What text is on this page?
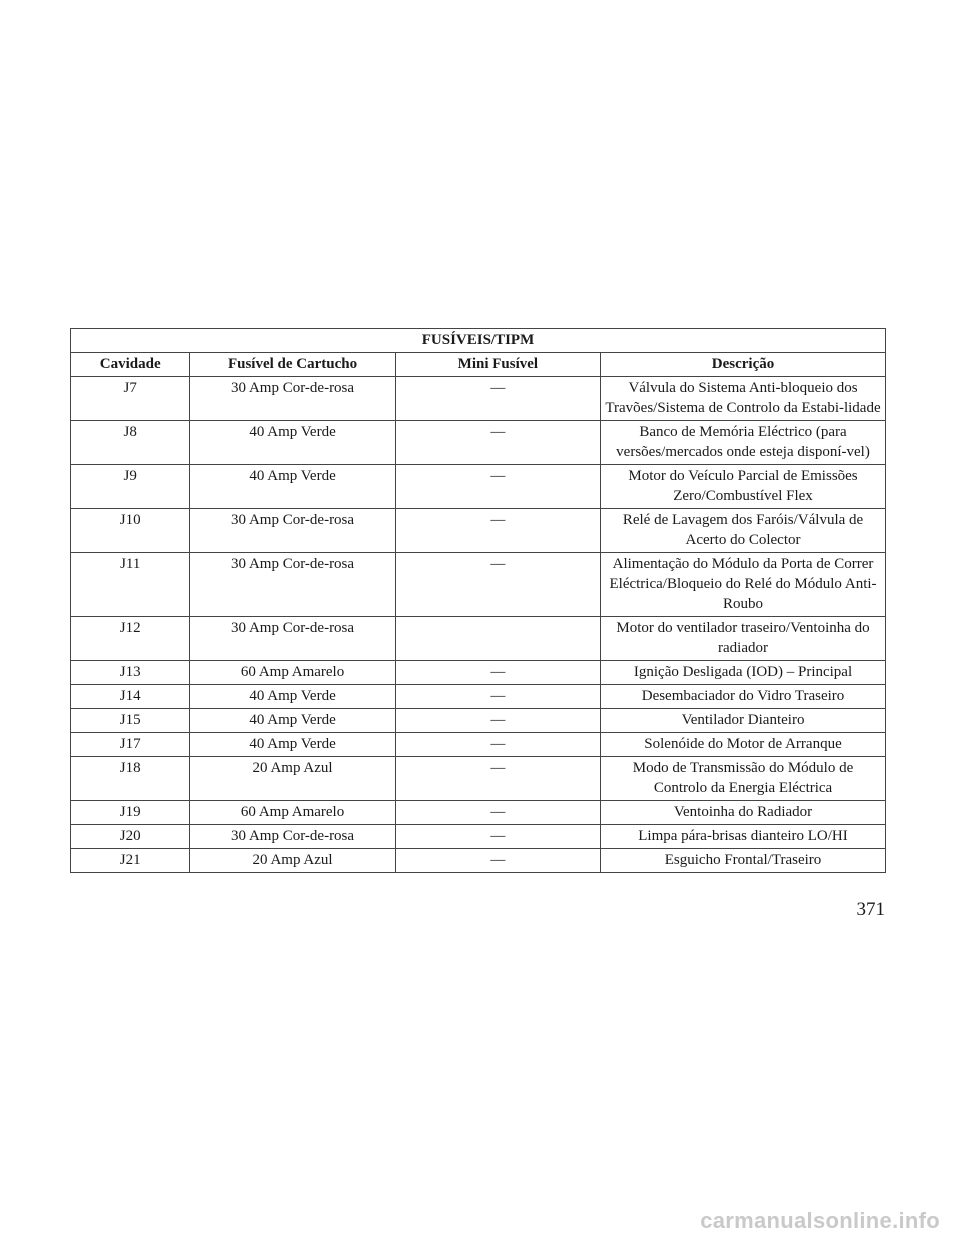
FUSÍVEIS/TIPM			
Cavidade	Fusível de Cartucho	Mini Fusível	Descrição
J7	30 Amp Cor-de-rosa	—	Válvula do Sistema Anti-bloqueio dos Travões/Sistema de Controlo da Estabi-lidade
J8	40 Amp Verde	—	Banco de Memória Eléctrico (para versões/mercados onde esteja disponí-vel)
J9	40 Amp Verde	—	Motor do Veículo Parcial de Emissões Zero/Combustível Flex
J10	30 Amp Cor-de-rosa	—	Relé de Lavagem dos Faróis/Válvula de Acerto do Colector
J11	30 Amp Cor-de-rosa	—	Alimentação do Módulo da Porta de Correr Eléctrica/Bloqueio do Relé do Módulo Anti-Roubo
J12	30 Amp Cor-de-rosa		Motor do ventilador traseiro/Ventoinha do radiador
J13	60 Amp Amarelo	—	Ignição Desligada (IOD) – Principal
J14	40 Amp Verde	—	Desembaciador do Vidro Traseiro
J15	40 Amp Verde	—	Ventilador Dianteiro
J17	40 Amp Verde	—	Solenóide do Motor de Arranque
J18	20 Amp Azul	—	Modo de Transmissão do Módulo de Controlo da Energia Eléctrica
J19	60 Amp Amarelo	—	Ventoinha do Radiador
J20	30 Amp Cor-de-rosa	—	Limpa pára-brisas dianteiro LO/HI
J21	20 Amp Azul	—	Esguicho Frontal/Traseiro
371
carmanualsonline.info
